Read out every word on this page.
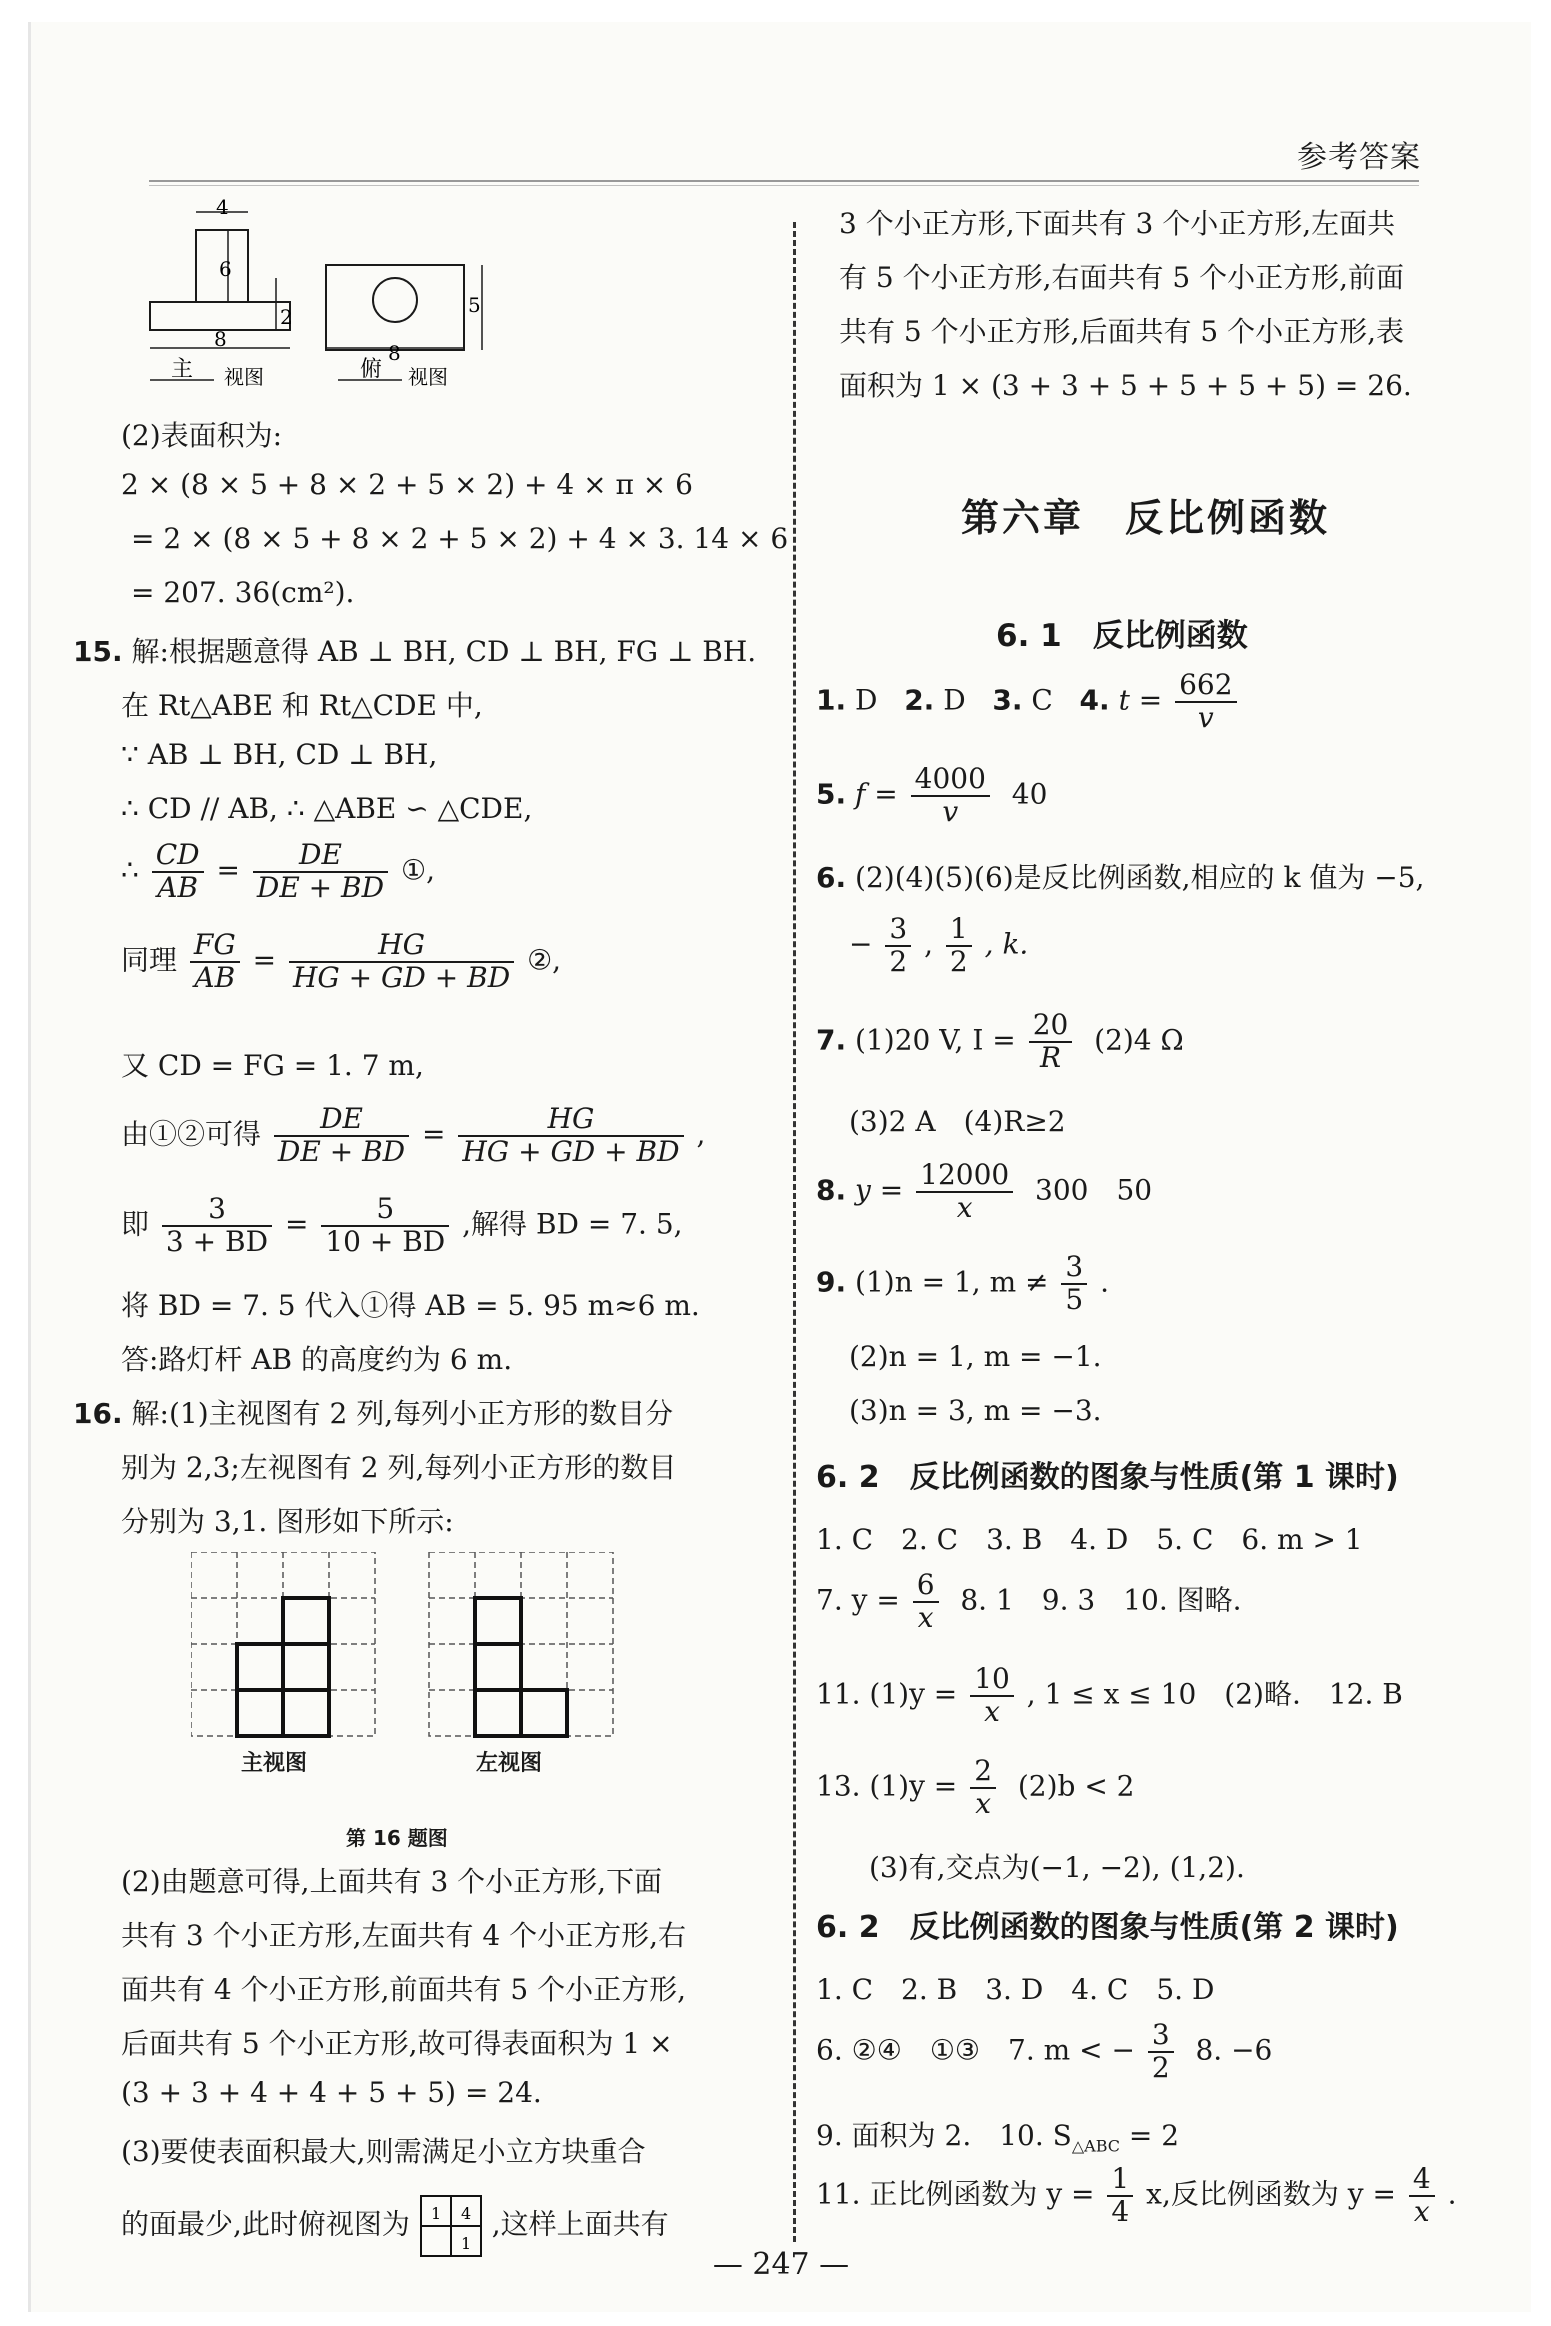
参考答案
4
6
2
8
主 视图
5
8
俯 视图
(2)表面积为:
2 × (8 × 5 + 8 × 2 + 5 × 2) + 4 × π × 6
= 2 × (8 × 5 + 8 × 2 + 5 × 2) + 4 × 3. 14 × 6
= 207. 36(cm²).
15. 解:根据题意得 AB ⊥ BH, CD ⊥ BH, FG ⊥ BH.
在 Rt△ABE 和 Rt△CDE 中,
∵ AB ⊥ BH, CD ⊥ BH,
∴ CD // AB, ∴ △ABE ∽ △CDE,
∴ $\frac{CD}{AB} = \frac{DE}{DE + BD}$ ①,
同理 $\frac{FG}{AB} = \frac{HG}{HG + GD + BD}$ ②,
又 CD = FG = 1. 7 m,
由①②可得 $\frac{DE}{DE + BD} = \frac{HG}{HG + GD + BD}$ ,
即 $\frac{3}{3 + BD} = \frac{5}{10 + BD}$ ,解得 BD = 7. 5,
将 BD = 7. 5 代入①得 AB = 5. 95 m≈6 m.
答:路灯杆 AB 的高度约为 6 m.
16. 解:(1)主视图有 2 列,每列小正方形的数目分
别为 2,3;左视图有 2 列,每列小正方形的数目
分别为 3,1. 图形如下所示:
主视图	左视图
第 16 题图
(2)由题意可得,上面共有 3 个小正方形,下面
共有 3 个小正方形,左面共有 4 个小正方形,右
面共有 4 个小正方形,前面共有 5 个小正方形,
后面共有 5 个小正方形,故可得表面积为 1 ×
(3 + 3 + 4 + 4 + 5 + 5) = 24.
(3)要使表面积最大,则需满足小立方块重合
的面最少,此时俯视图为 1 4
1
,这样上面共有
3 个小正方形,下面共有 3 个小正方形,左面共
有 5 个小正方形,右面共有 5 个小正方形,前面
共有 5 个小正方形,后面共有 5 个小正方形,表
面积为 1 × (3 + 3 + 5 + 5 + 5 + 5) = 26.
第六章　反比例函数
6. 1　反比例函数
1. D 2. D 3. C 4. $t = \frac{662}{v}$
5. $f = \frac{4000}{v} 40$
6. (2)(4)(5)(6)是反比例函数,相应的 k 值为 −5,
− $\frac{3}{2}$ , $\frac{1}{2}$ , k.
7. (1)20 V, $I = \frac{20}{R} (2)4$ Ω
(3)2 A　(4)R≥2
8. $y = \frac{12000}{x} 300$　50
9. (1)n = 1, $m \ne \frac{3}{5}$ .
(2)n = 1, m = −1.
(3)n = 3, m = −3.
6. 2　反比例函数的图象与性质(第 1 课时)
1. C　2. C　3. B　4. D　5. C　6. m > 1
7. $y = \frac{6}{x} 8$. 1　9. 3　10. 图略.
11. $(1)y = \frac{10}{x}$ , 1 ≤ x ≤ 10　(2)略.　12. B
13. $(1)y = \frac{2}{x} (2)b < 2$
(3)有,交点为(−1, −2), (1,2).
6. 2　反比例函数的图象与性质(第 2 课时)
1. C　2. B　3. D　4. C　5. D
6. ②④　①③　7. m < − $\frac{3}{2} 8$. −6
9. 面积为 2.　10. $S_{\triangle ABC} = 2$
11. 正比例函数为 $y = \frac{1}{4} x$,反比例函数为 $y = \frac{4}{x}$ .
— 247 —
